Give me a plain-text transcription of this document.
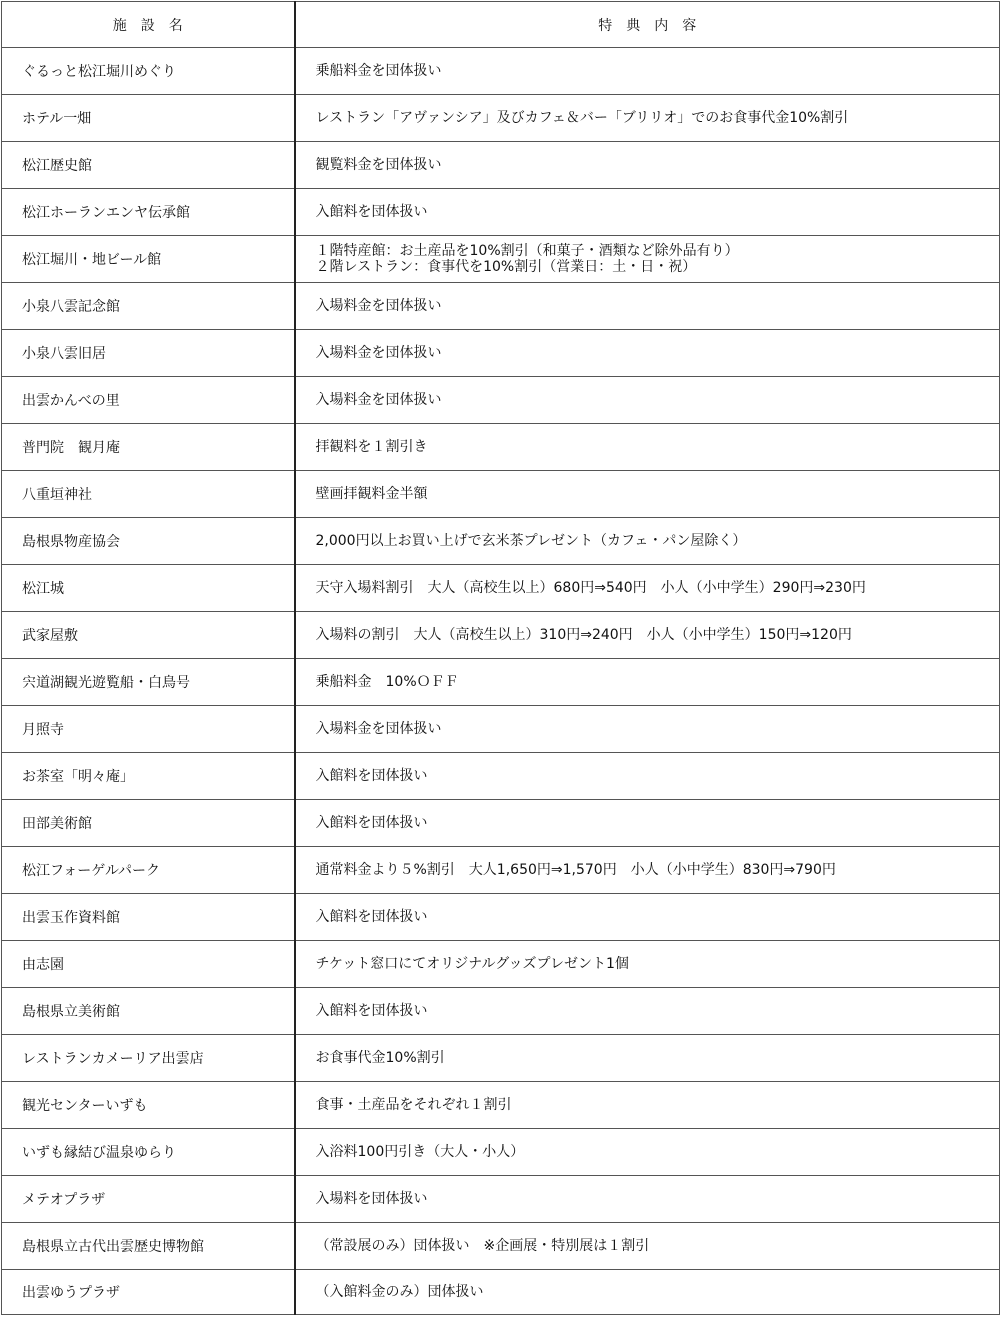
施設名	特典内容
ぐるっと松江堀川めぐり	乗船料金を団体扱い

ホテル一畑	レストラン「アヴァンシア」及びカフェ＆バー「ブリリオ」でのお食事代金10%割引

松江歴史館	観覧料金を団体扱い

松江ホーランエンヤ伝承館	入館料を団体扱い

松江堀川・地ビール館	１階特産館：お土産品を10%割引（和菓子・酒類など除外品有り）
２階レストラン：食事代を10%割引（営業日：土・日・祝）

小泉八雲記念館	入場料金を団体扱い

小泉八雲旧居	入場料金を団体扱い

出雲かんべの里	入場料金を団体扱い

普門院　観月庵	拝観料を１割引き

八重垣神社	壁画拝観料金半額

島根県物産協会	2,000円以上お買い上げで玄米茶プレゼント（カフェ・パン屋除く）

松江城	天守入場料割引　大人（高校生以上）680円⇒540円　小人（小中学生）290円⇒230円

武家屋敷	入場料の割引　大人（高校生以上）310円⇒240円　小人（小中学生）150円⇒120円

宍道湖観光遊覧船・白鳥号	乗船料金　10%ＯＦＦ

月照寺	入場料金を団体扱い

お茶室「明々庵」	入館料を団体扱い

田部美術館	入館料を団体扱い

松江フォーゲルパーク	通常料金より５%割引　大人1,650円⇒1,570円　小人（小中学生）830円⇒790円

出雲玉作資料館	入館料を団体扱い

由志園	チケット窓口にてオリジナルグッズプレゼント1個

島根県立美術館	入館料を団体扱い

レストランカメーリア出雲店	お食事代金10%割引

観光センターいずも	食事・土産品をそれぞれ１割引

いずも縁結び温泉ゆらり	入浴料100円引き（大人・小人）

メテオプラザ	入場料を団体扱い

島根県立古代出雲歴史博物館	（常設展のみ）団体扱い　※企画展・特別展は１割引

出雲ゆうプラザ	（入館料金のみ）団体扱い
